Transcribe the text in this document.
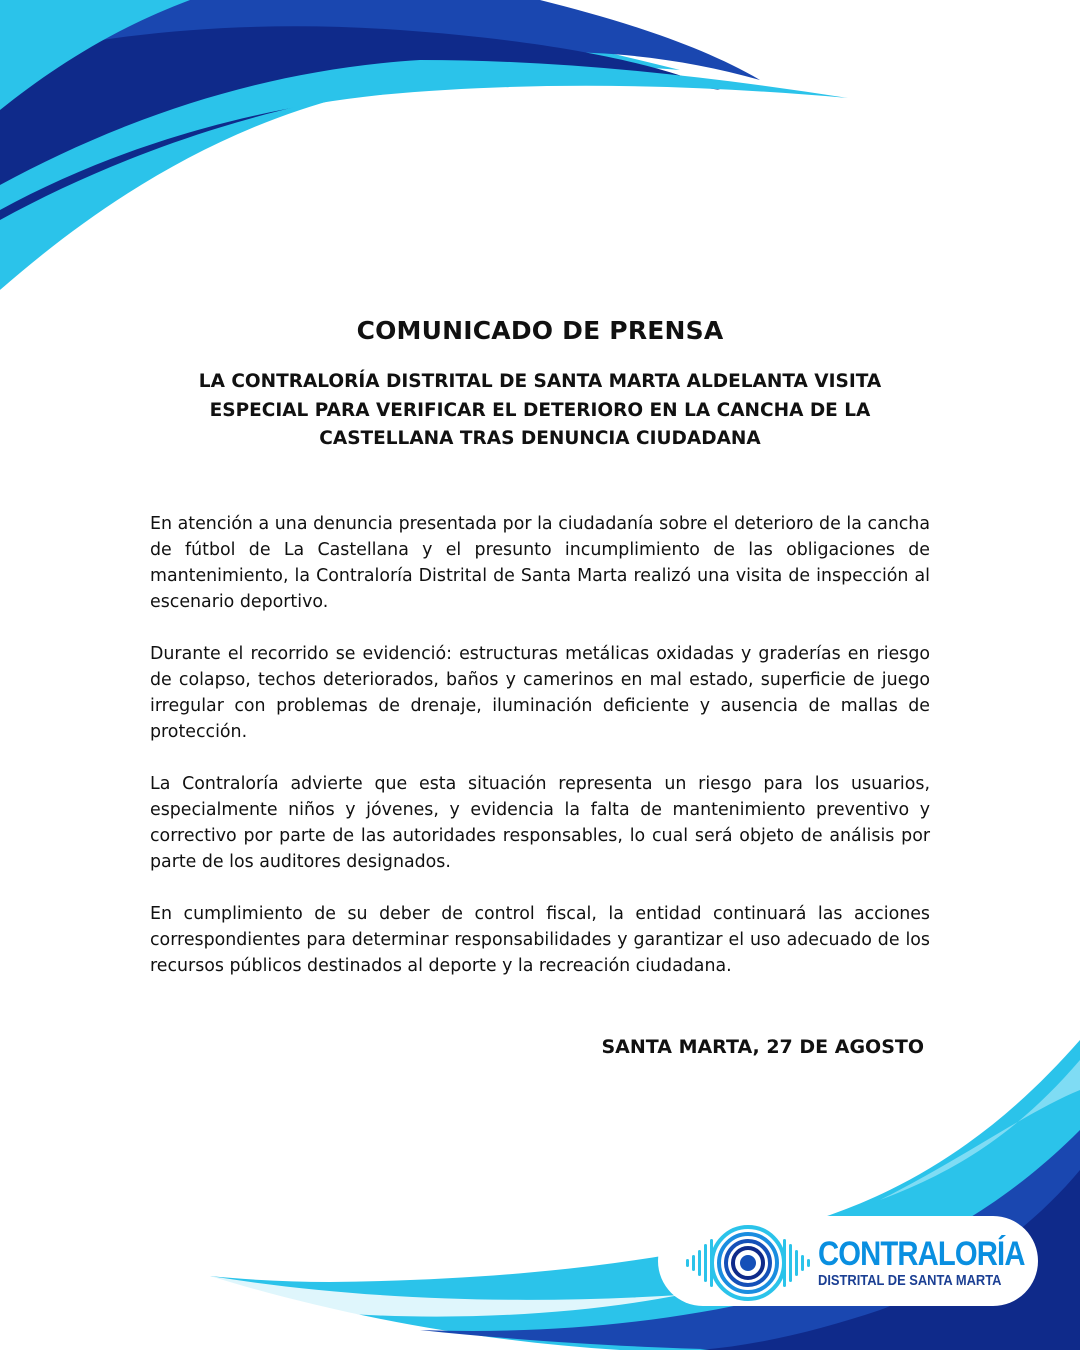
COMUNICADO DE PRENSA
LA CONTRALORÍA DISTRITAL DE SANTA MARTA ALDELANTA VISITA ESPECIAL PARA VERIFICAR EL DETERIORO EN LA CANCHA DE LA CASTELLANA TRAS DENUNCIA CIUDADANA

En atención a una denuncia presentada por la ciudadanía sobre el deterioro de la cancha de fútbol de La Castellana y el presunto incumplimiento de las obligaciones de mantenimiento, la Contraloría Distrital de Santa Marta realizó una visita de inspección al escenario deportivo.

Durante el recorrido se evidenció: estructuras metálicas oxidadas y graderías en riesgo de colapso, techos deteriorados, baños y camerinos en mal estado, superficie de juego irregular con problemas de drenaje, iluminación deficiente y ausencia de mallas de protección.

La Contraloría advierte que esta situación representa un riesgo para los usuarios, especialmente niños y jóvenes, y evidencia la falta de mantenimiento preventivo y correctivo por parte de las autoridades responsables, lo cual será objeto de análisis por parte de los auditores designados.

En cumplimiento de su deber de control fiscal, la entidad continuará las acciones correspondientes para determinar responsabilidades y garantizar el uso adecuado de los recursos públicos destinados al deporte y la recreación ciudadana.

SANTA MARTA, 27 DE AGOSTO
CONTRALORÍA
DISTRITAL DE SANTA MARTA
